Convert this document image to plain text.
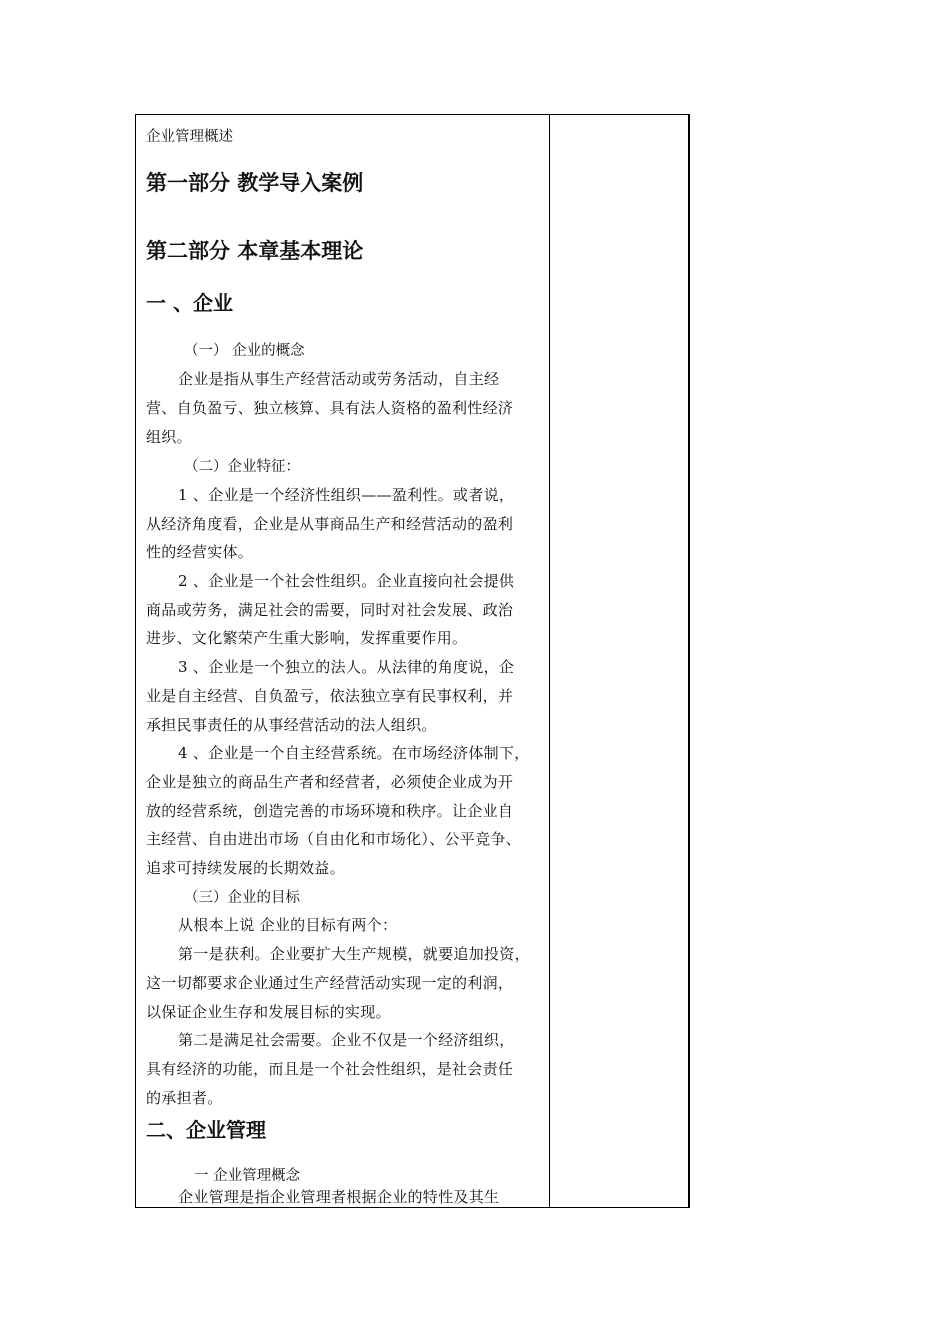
企业管理概述
第一部分 教学导入案例
第二部分 本章基本理论
一 、企业
（一） 企业的概念
企业是指从事生产经营活动或劳务活动，自主经
营、自负盈亏、独立核算、具有法人资格的盈利性经济
组织。
（二）企业特征：
1 、企业是一个经济性组织——盈利性。或者说，
从经济角度看，企业是从事商品生产和经营活动的盈利
性的经营实体。
2 、企业是一个社会性组织。企业直接向社会提供
商品或劳务，满足社会的需要，同时对社会发展、政治
进步、文化繁荣产生重大影响，发挥重要作用。
3 、企业是一个独立的法人。从法律的角度说，企
业是自主经营、自负盈亏，依法独立享有民事权利，并
承担民事责任的从事经营活动的法人组织。
4 、企业是一个自主经营系统。在市场经济体制下，
企业是独立的商品生产者和经营者，必须使企业成为开
放的经营系统，创造完善的市场环境和秩序。让企业自
主经营、自由进出市场（自由化和市场化）、公平竞争、
追求可持续发展的长期效益。
（三）企业的目标
从根本上说 企业的目标有两个：
第一是获利。企业要扩大生产规模，就要追加投资，
这一切都要求企业通过生产经营活动实现一定的利润，
以保证企业生存和发展目标的实现。
第二是满足社会需要。企业不仅是一个经济组织，
具有经济的功能，而且是一个社会性组织，是社会责任
的承担者。
二、企业管理
一 企业管理概念
企业管理是指企业管理者根据企业的特性及其生
